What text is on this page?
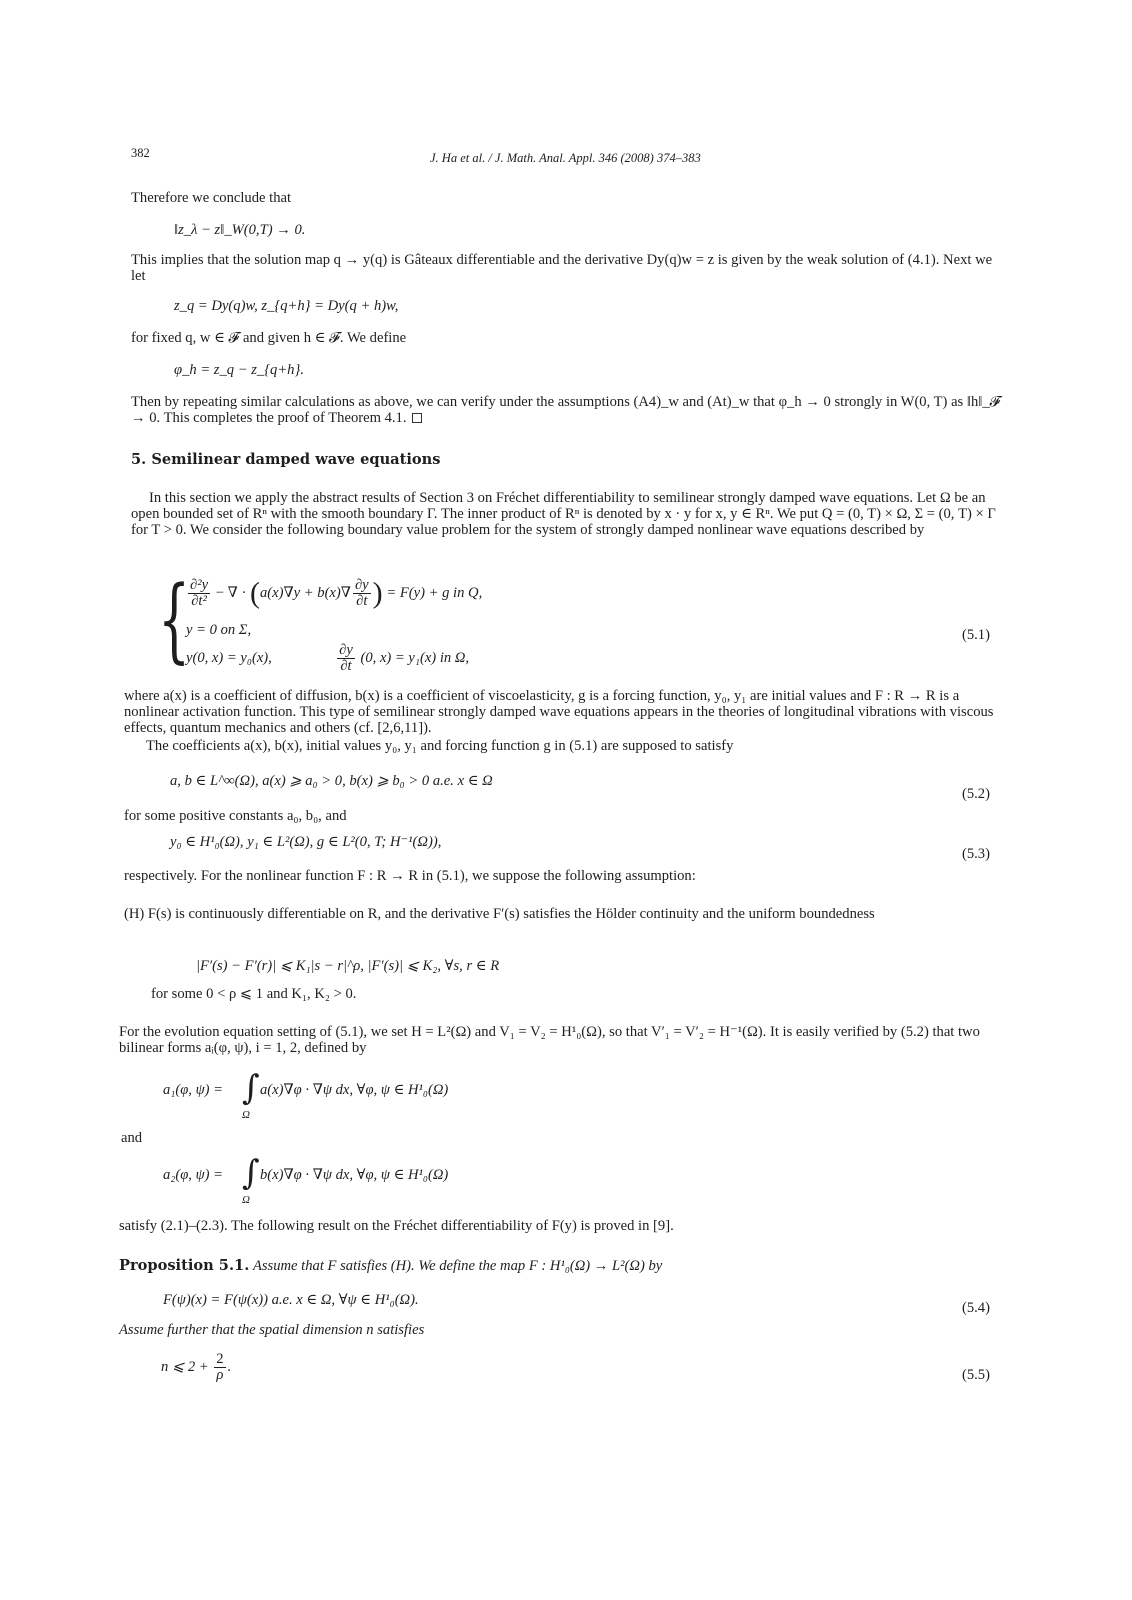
382	J. Ha et al. / J. Math. Anal. Appl. 346 (2008) 374–383
Therefore we conclude that
‖z_λ − z‖_W(0,T) → 0.
This implies that the solution map q → y(q) is Gâteaux differentiable and the derivative Dy(q)w = z is given by the weak solution of (4.1). Next we let
z_q = Dy(q)w, z_{q+h} = Dy(q + h)w,
for fixed q, w ∈ 𝓕 and given h ∈ 𝓕. We define
φ_h = z_q − z_{q+h}.
Then by repeating similar calculations as above, we can verify under the assumptions (A4)_w and (At)_w that φ_h → 0 strongly in W(0, T) as ‖h‖_𝓕 → 0. This completes the proof of Theorem 4.1.
5. Semilinear damped wave equations
In this section we apply the abstract results of Section 3 on Fréchet differentiability to semilinear strongly damped wave equations. Let Ω be an open bounded set of Rⁿ with the smooth boundary Γ. The inner product of Rⁿ is denoted by x · y for x, y ∈ Rⁿ. We put Q = (0, T) × Ω, Σ = (0, T) × Γ for T > 0. We consider the following boundary value problem for the system of strongly damped nonlinear wave equations described by
{
$\frac{\text{∂²y}}{\text{∂t²}}$ − ∇ · ($a(x)\nabla y + b(x)\nabla \frac{\partial y}{\partial t}$ ) = F(y) + g in Q,
y = 0 on Σ,
y(0, x) = y₀(x),	$\frac{\partial y}{\partial t} (0$, x) = y₁(x) in Ω,
(5.1)
where a(x) is a coefficient of diffusion, b(x) is a coefficient of viscoelasticity, g is a forcing function, y₀, y₁ are initial values and F : R → R is a nonlinear activation function. This type of semilinear strongly damped wave equations appears in the theories of longitudinal vibrations with viscous effects, quantum mechanics and others (cf. [2,6,11]).
The coefficients a(x), b(x), initial values y₀, y₁ and forcing function g in (5.1) are supposed to satisfy
a, b ∈ L^∞(Ω), a(x) ⩾ a₀ > 0, b(x) ⩾ b₀ > 0 a.e. x ∈ Ω
(5.2)
for some positive constants a₀, b₀, and
y₀ ∈ H¹₀(Ω), y₁ ∈ L²(Ω), g ∈ L²(0, T; H⁻¹(Ω)),
(5.3)
respectively. For the nonlinear function F : R → R in (5.1), we suppose the following assumption:
(H) F(s) is continuously differentiable on R, and the derivative F′(s) satisfies the Hölder continuity and the uniform boundedness
|F′(s) − F′(r)| ⩽ K₁|s − r|^ρ, |F′(s)| ⩽ K₂, ∀s, r ∈ R
for some 0 < ρ ⩽ 1 and K₁, K₂ > 0.
For the evolution equation setting of (5.1), we set H = L²(Ω) and V₁ = V₂ = H¹₀(Ω), so that V′₁ = V′₂ = H⁻¹(Ω). It is easily verified by (5.2) that two bilinear forms aᵢ(φ, ψ), i = 1, 2, defined by
a₁(φ, ψ) = ∫
Ω
a(x)∇φ · ∇ψ dx, ∀φ, ψ ∈ H¹₀(Ω)
and
a₂(φ, ψ) = ∫
Ω
b(x)∇φ · ∇ψ dx, ∀φ, ψ ∈ H¹₀(Ω)
satisfy (2.1)–(2.3). The following result on the Fréchet differentiability of F(y) is proved in [9].
Proposition 5.1. Assume that F satisfies (H). We define the map F : H¹₀(Ω) → L²(Ω) by
F(ψ)(x) = F(ψ(x)) a.e. x ∈ Ω, ∀ψ ∈ H¹₀(Ω).	(5.4)
Assume further that the spatial dimension n satisfies
n ⩽ $2 + \frac{2}{\rho}$ .
(5.5)
